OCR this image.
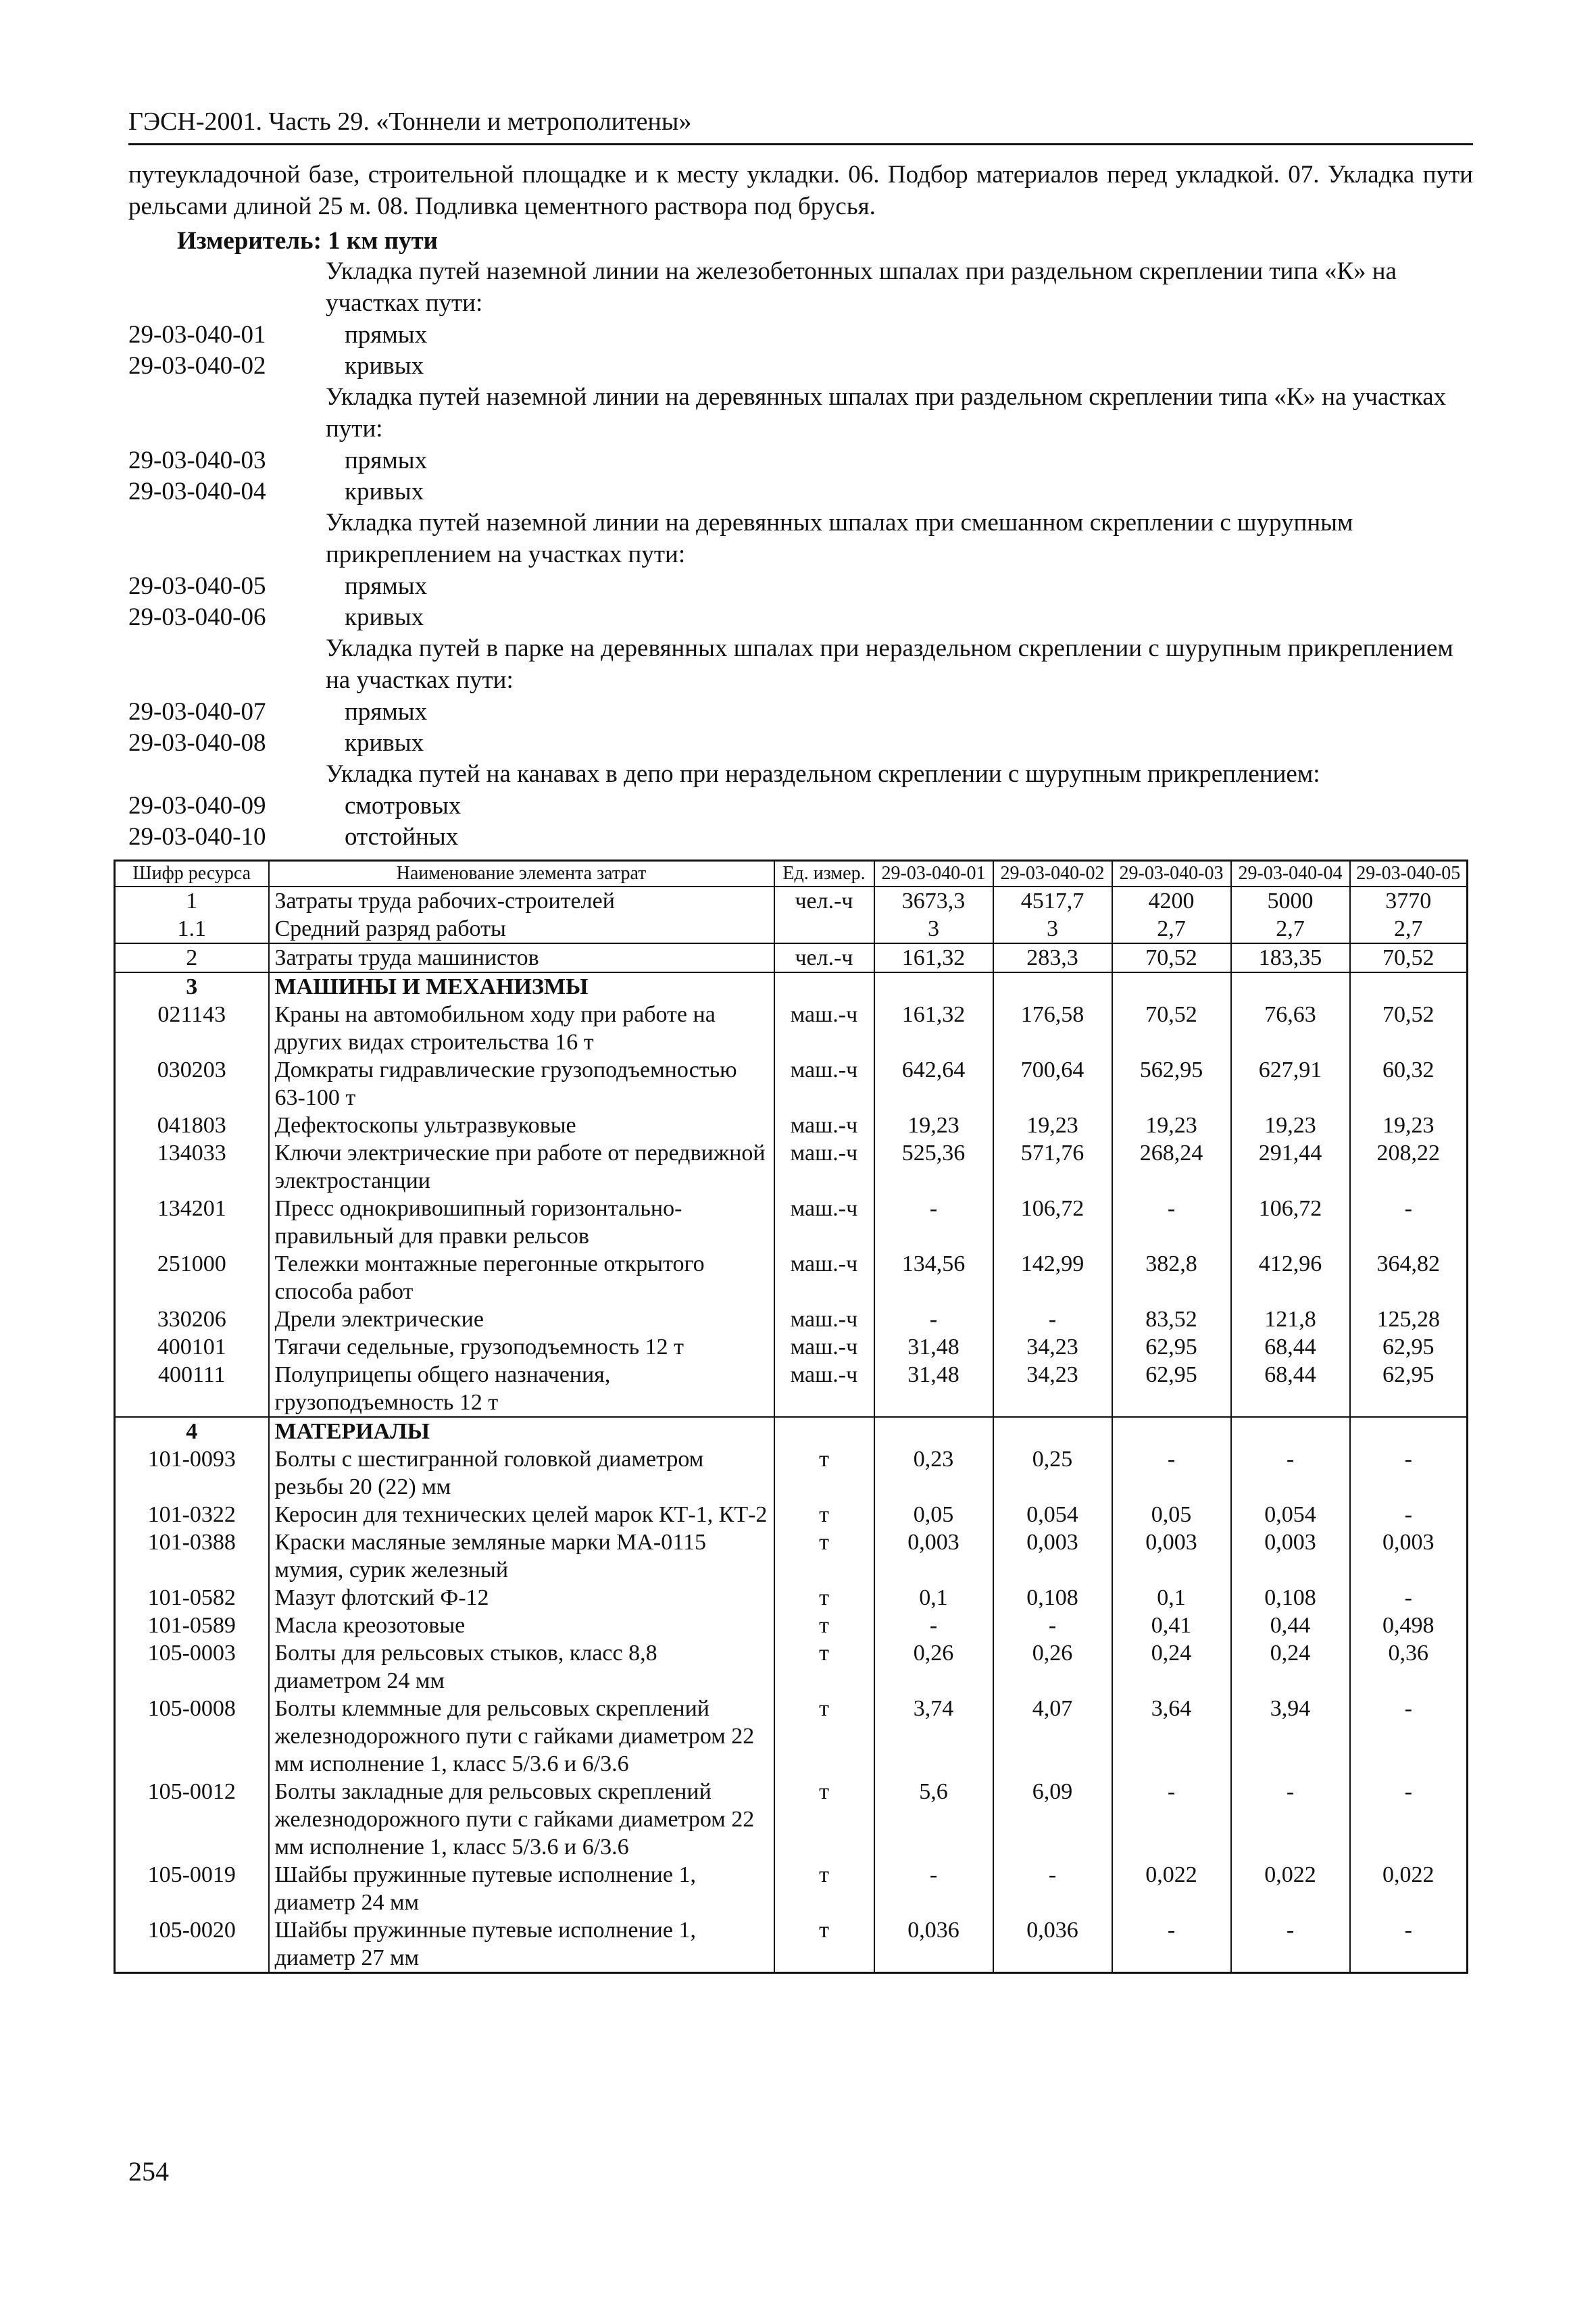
ГЭСН-2001. Часть 29. «Тоннели и метрополитены»

путеукладочной базе, строительной площадке и к месту укладки. 06. Подбор материалов перед укладкой. 07. Укладка пути рельсами длиной 25 м. 08. Подливка цементного раствора под брусья.

Измеритель: 1 км пути
Укладка путей наземной линии на железобетонных шпалах при раздельном скреплении типа «К» на участках пути:
29-03-040-01	прямых
29-03-040-02	кривых
Укладка путей наземной линии на деревянных шпалах при раздельном скреплении типа «К» на участках пути:
29-03-040-03	прямых
29-03-040-04	кривых
Укладка путей наземной линии на деревянных шпалах при смешанном скреплении с шурупным прикреплением на участках пути:
29-03-040-05	прямых
29-03-040-06	кривых
Укладка путей в парке на деревянных шпалах при нераздельном скреплении с шурупным прикреплением на участках пути:
29-03-040-07	прямых
29-03-040-08	кривых
Укладка путей на канавах в депо при нераздельном скреплении с шурупным прикреплением:
29-03-040-09	смотровых
29-03-040-10	отстойных
Шифр ресурса	Наименование элемента затрат	Ед. измер.	29-03-040-01	29-03-040-02	29-03-040-03	29-03-040-04	29-03-040-05
1	Затраты труда рабочих-строителей	чел.-ч	3673,3	4517,7	4200	5000	3770
1.1	Средний разряд работы		3	3	2,7	2,7	2,7
2	Затраты труда машинистов	чел.-ч	161,32	283,3	70,52	183,35	70,52
3	МАШИНЫ И МЕХАНИЗМЫ						
021143	Краны на автомобильном ходу при работе на других видах строительства 16 т	маш.-ч	161,32	176,58	70,52	76,63	70,52
030203	Домкраты гидравлические грузоподъемностью 63-100 т	маш.-ч	642,64	700,64	562,95	627,91	60,32
041803	Дефектоскопы ультразвуковые	маш.-ч	19,23	19,23	19,23	19,23	19,23
134033	Ключи электрические при работе от передвижной электростанции	маш.-ч	525,36	571,76	268,24	291,44	208,22
134201	Пресс однокривошипный горизонтально-правильный для правки рельсов	маш.-ч	-	106,72	-	106,72	-
251000	Тележки монтажные перегонные открытого способа работ	маш.-ч	134,56	142,99	382,8	412,96	364,82
330206	Дрели электрические	маш.-ч	-	-	83,52	121,8	125,28
400101	Тягачи седельные, грузоподъемность 12 т	маш.-ч	31,48	34,23	62,95	68,44	62,95
400111	Полуприцепы общего назначения, грузоподъемность 12 т	маш.-ч	31,48	34,23	62,95	68,44	62,95
4	МАТЕРИАЛЫ						
101-0093	Болты с шестигранной головкой диаметром резьбы 20 (22) мм	т	0,23	0,25	-	-	-
101-0322	Керосин для технических целей марок КТ-1, КТ-2	т	0,05	0,054	0,05	0,054	-
101-0388	Краски масляные земляные марки МА-0115 мумия, сурик железный	т	0,003	0,003	0,003	0,003	0,003
101-0582	Мазут флотский Ф-12	т	0,1	0,108	0,1	0,108	-
101-0589	Масла креозотовые	т	-	-	0,41	0,44	0,498
105-0003	Болты для рельсовых стыков, класс 8,8 диаметром 24 мм	т	0,26	0,26	0,24	0,24	0,36
105-0008	Болты клеммные для рельсовых скреплений железнодорожного пути с гайками диаметром 22 мм исполнение 1, класс 5/3.6 и 6/3.6	т	3,74	4,07	3,64	3,94	-
105-0012	Болты закладные для рельсовых скреплений железнодорожного пути с гайками диаметром 22 мм исполнение 1, класс 5/3.6 и 6/3.6	т	5,6	6,09	-	-	-
105-0019	Шайбы пружинные путевые исполнение 1, диаметр 24 мм	т	-	-	0,022	0,022	0,022
105-0020	Шайбы пружинные путевые исполнение 1, диаметр 27 мм	т	0,036	0,036	-	-	-
254
